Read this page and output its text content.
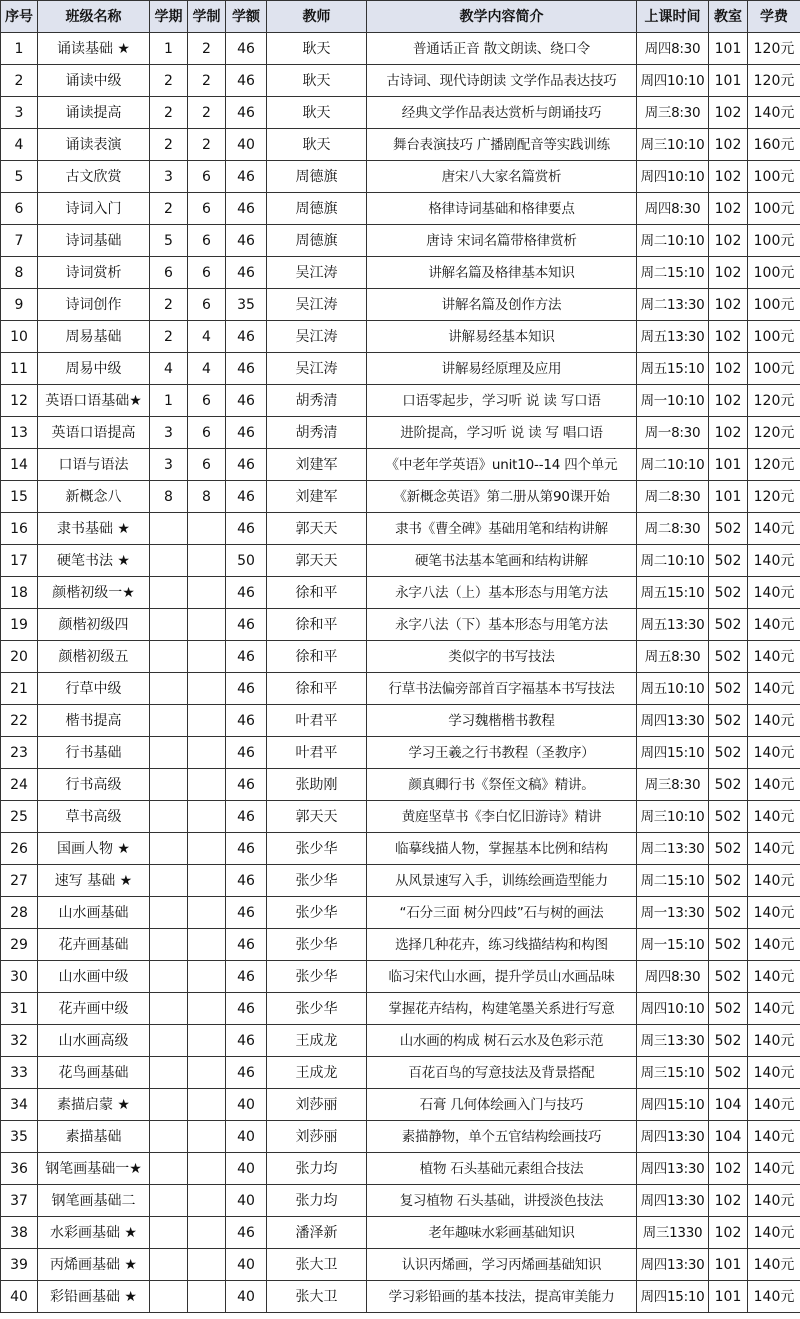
序号	班级名称	学期	学制	学额	教师	教学内容简介	上课时间	教室	学费
1	诵读基础 ★	1	2	46	耿天	普通话正音 散文朗读、绕口令	周四8:30	101	120元
2	诵读中级	2	2	46	耿天	古诗词、现代诗朗读 文学作品表达技巧	周四10:10	101	120元
3	诵读提高	2	2	46	耿天	经典文学作品表达赏析与朗诵技巧	周三8:30	102	140元
4	诵读表演	2	2	40	耿天	舞台表演技巧 广播剧配音等实践训练	周三10:10	102	160元
5	古文欣赏	3	6	46	周德旗	唐宋八大家名篇赏析	周四10:10	102	100元
6	诗词入门	2	6	46	周德旗	格律诗词基础和格律要点	周四8:30	102	100元
7	诗词基础	5	6	46	周德旗	唐诗 宋词名篇带格律赏析	周二10:10	102	100元
8	诗词赏析	6	6	46	吴江涛	讲解名篇及格律基本知识	周二15:10	102	100元
9	诗词创作	2	6	35	吴江涛	讲解名篇及创作方法	周二13:30	102	100元
10	周易基础	2	4	46	吴江涛	讲解易经基本知识	周五13:30	102	100元
11	周易中级	4	4	46	吴江涛	讲解易经原理及应用	周五15:10	102	100元
12	英语口语基础★	1	6	46	胡秀清	口语零起步，学习听 说 读 写口语	周一10:10	102	120元
13	英语口语提高	3	6	46	胡秀清	进阶提高，学习听 说 读 写 唱口语	周一8:30	102	120元
14	口语与语法	3	6	46	刘建军	《中老年学英语》unit10--14 四个单元	周二10:10	101	120元
15	新概念八	8	8	46	刘建军	《新概念英语》第二册从第90课开始	周二8:30	101	120元
16	隶书基础 ★			46	郭天天	隶书《曹全碑》基础用笔和结构讲解	周二8:30	502	140元
17	硬笔书法 ★			50	郭天天	硬笔书法基本笔画和结构讲解	周二10:10	502	140元
18	颜楷初级一★			46	徐和平	永字八法（上）基本形态与用笔方法	周五15:10	502	140元
19	颜楷初级四			46	徐和平	永字八法（下）基本形态与用笔方法	周五13:30	502	140元
20	颜楷初级五			46	徐和平	类似字的书写技法	周五8:30	502	140元
21	行草中级			46	徐和平	行草书法偏旁部首百字福基本书写技法	周五10:10	502	140元
22	楷书提高			46	叶君平	学习魏楷楷书教程	周四13:30	502	140元
23	行书基础			46	叶君平	学习王羲之行书教程（圣教序）	周四15:10	502	140元
24	行书高级			46	张助刚	颜真卿行书《祭侄文稿》精讲。	周三8:30	502	140元
25	草书高级			46	郭天天	黄庭坚草书《李白忆旧游诗》精讲	周三10:10	502	140元
26	国画人物 ★			46	张少华	临摹线描人物，掌握基本比例和结构	周二13:30	502	140元
27	速写 基础 ★			46	张少华	从风景速写入手，训练绘画造型能力	周二15:10	502	140元
28	山水画基础			46	张少华	“石分三面 树分四歧”石与树的画法	周一13:30	502	140元
29	花卉画基础			46	张少华	选择几种花卉，练习线描结构和构图	周一15:10	502	140元
30	山水画中级			46	张少华	临习宋代山水画，提升学员山水画品味	周四8:30	502	140元
31	花卉画中级			46	张少华	掌握花卉结构，构建笔墨关系进行写意	周四10:10	502	140元
32	山水画高级			46	王成龙	山水画的构成 树石云水及色彩示范	周三13:30	502	140元
33	花鸟画基础			46	王成龙	百花百鸟的写意技法及背景搭配	周三15:10	502	140元
34	素描启蒙 ★			40	刘莎丽	石膏 几何体绘画入门与技巧	周四15:10	104	140元
35	素描基础			40	刘莎丽	素描静物，单个五官结构绘画技巧	周四13:30	104	140元
36	钢笔画基础一★			40	张力均	植物 石头基础元素组合技法	周四13:30	102	140元
37	钢笔画基础二			40	张力均	复习植物 石头基础，讲授淡色技法	周四13:30	102	140元
38	水彩画基础 ★			46	潘泽新	老年趣味水彩画基础知识	周三1330	102	140元
39	丙烯画基础 ★			40	张大卫	认识丙烯画，学习丙烯画基础知识	周四13:30	101	140元
40	彩铅画基础 ★			40	张大卫	学习彩铅画的基本技法，提高审美能力	周四15:10	101	140元
